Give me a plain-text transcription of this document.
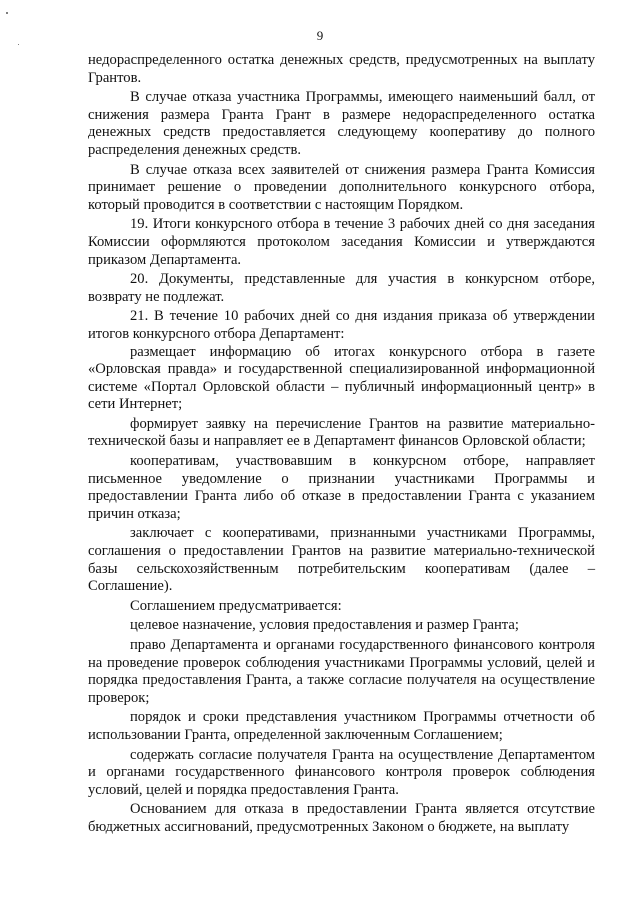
9

недораспределенного остатка денежных средств, предусмотренных на выплату Грантов.

В случае отказа участника Программы, имеющего наименьший балл, от снижения размера Гранта Грант в размере недораспределенного остатка денежных средств предоставляется следующему кооперативу до полного распределения денежных средств.

В случае отказа всех заявителей от снижения размера Гранта Комиссия принимает решение о проведении дополнительного конкурсного отбора, который проводится в соответствии с настоящим Порядком.

19. Итоги конкурсного отбора в течение 3 рабочих дней со дня заседания Комиссии оформляются протоколом заседания Комиссии и утверждаются приказом Департамента.

20. Документы, представленные для участия в конкурсном отборе, возврату не подлежат.

21. В течение 10 рабочих дней со дня издания приказа об утверждении итогов конкурсного отбора Департамент:

размещает информацию об итогах конкурсного отбора в газете «Орловская правда» и государственной специализированной информационной системе «Портал Орловской области – публичный информационный центр» в сети Интернет;

формирует заявку на перечисление Грантов на развитие материально-технической базы и направляет ее в Департамент финансов Орловской области;

кооперативам, участвовавшим в конкурсном отборе, направляет письменное уведомление о признании участниками Программы и предоставлении Гранта либо об отказе в предоставлении Гранта с указанием причин отказа;

заключает с кооперативами, признанными участниками Программы, соглашения о предоставлении Грантов на развитие материально-технической базы сельскохозяйственным потребительским кооперативам (далее – Соглашение).

Соглашением предусматривается:

целевое назначение, условия предоставления и размер Гранта;

право Департамента и органами государственного финансового контроля на проведение проверок соблюдения участниками Программы условий, целей и порядка предоставления Гранта, а также согласие получателя на осуществление проверок;

порядок и сроки представления участником Программы отчетности об использовании Гранта, определенной заключенным Соглашением;

содержать согласие получателя Гранта на осуществление Департаментом и органами государственного финансового контроля проверок соблюдения условий, целей и порядка предоставления Гранта.

Основанием для отказа в предоставлении Гранта является отсутствие бюджетных ассигнований, предусмотренных Законом о бюджете, на выплату
